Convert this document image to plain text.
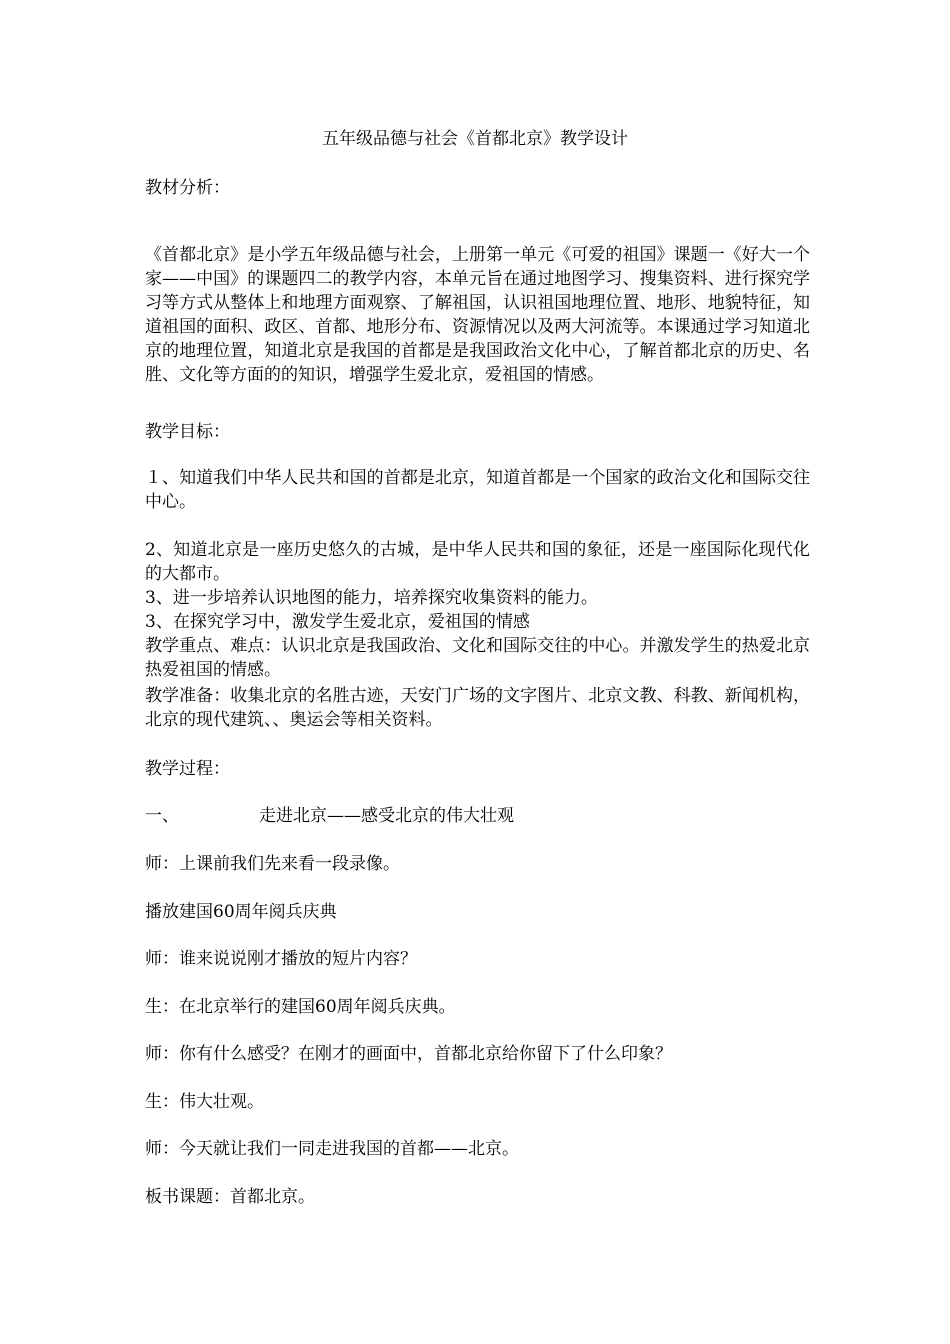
五年级品德与社会《首都北京》教学设计
教材分析：
《首都北京》是小学五年级品德与社会，上册第一单元《可爱的祖国》课题一《好大一个家——中国》的课题四二的教学内容，本单元旨在通过地图学习、搜集资料、进行探究学习等方式从整体上和地理方面观察、了解祖国，认识祖国地理位置、地形、地貌特征，知道祖国的面积、政区、首都、地形分布、资源情况以及两大河流等。本课通过学习知道北京的地理位置，知道北京是我国的首都是是我国政治文化中心，了解首都北京的历史、名胜、文化等方面的的知识，增强学生爱北京，爱祖国的情感。
教学目标：
１、知道我们中华人民共和国的首都是北京，知道首都是一个国家的政治文化和国际交往中心。
2、知道北京是一座历史悠久的古城，是中华人民共和国的象征，还是一座国际化现代化的大都市。
3、进一步培养认识地图的能力，培养探究收集资料的能力。
3、在探究学习中，激发学生爱北京，爱祖国的情感
教学重点、难点：认识北京是我国政治、文化和国际交往的中心。并激发学生的热爱北京热爱祖国的情感。
教学准备：收集北京的名胜古迹，天安门广场的文字图片、北京文教、科教、新闻机构，北京的现代建筑、、奥运会等相关资料。
教学过程：
一、	走进北京——感受北京的伟大壮观
师：上课前我们先来看一段录像。
播放建国60周年阅兵庆典
师：谁来说说刚才播放的短片内容？
生：在北京举行的建国60周年阅兵庆典。
师：你有什么感受？在刚才的画面中，首都北京给你留下了什么印象？
生：伟大壮观。
师：今天就让我们一同走进我国的首都——北京。
板书课题：首都北京。
